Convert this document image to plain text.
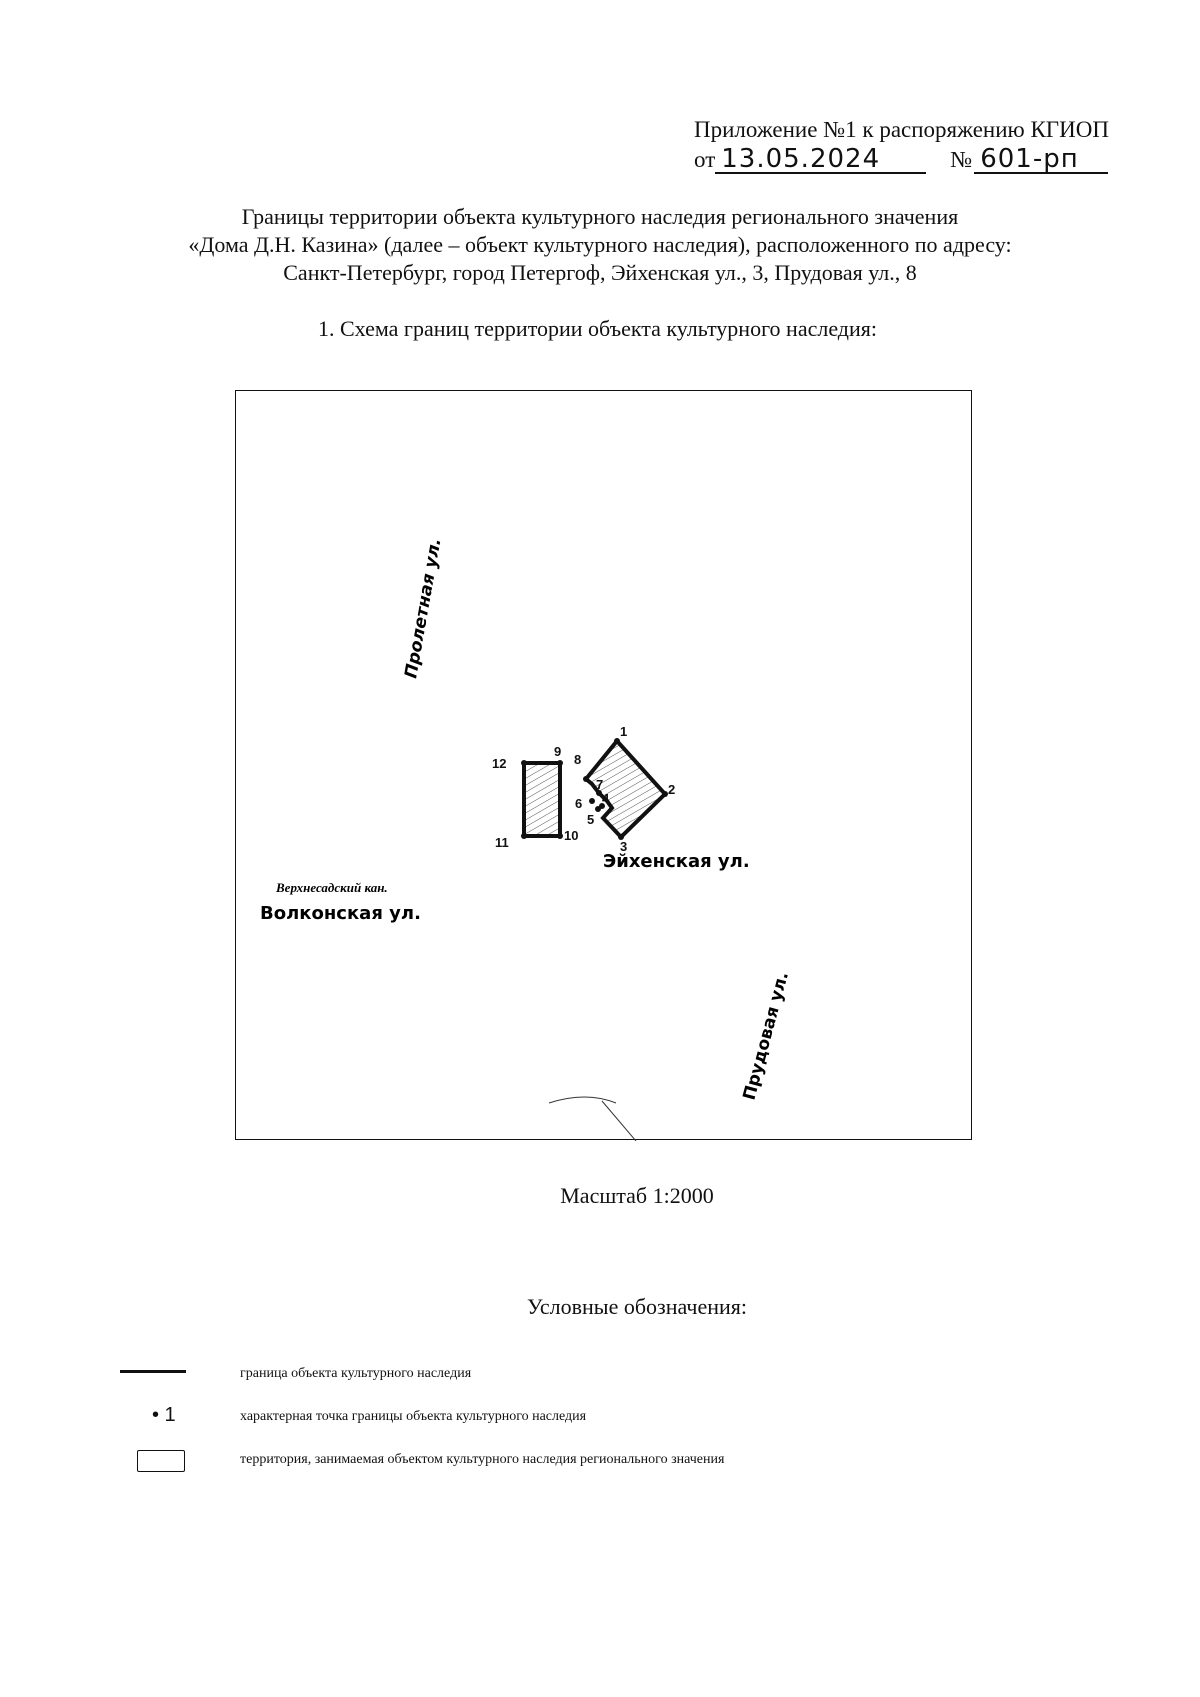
Приложение №1 к распоряжению КГИОП
от 13.05.2024	№ 601-рп
Границы территории объекта культурного наследия регионального значения
«Дома Д.Н. Казина» (далее – объект культурного наследия), расположенного по адресу:
Санкт-Петербург, город Петергоф, Эйхенская ул., 3, Прудовая ул., 8
1. Схема границ территории объекта культурного наследия:
Пролетная ул.
Эйхенская ул.
Верхнесадский кан.
Волконская ул.
Прудовая ул.
1
2
3
4
5
6
7
8
9
10
11
12
Масштаб 1:2000
Условные обозначения:
граница объекта культурного наследия
• 1	характерная точка границы объекта культурного наследия
территория, занимаемая объектом культурного наследия регионального значения
